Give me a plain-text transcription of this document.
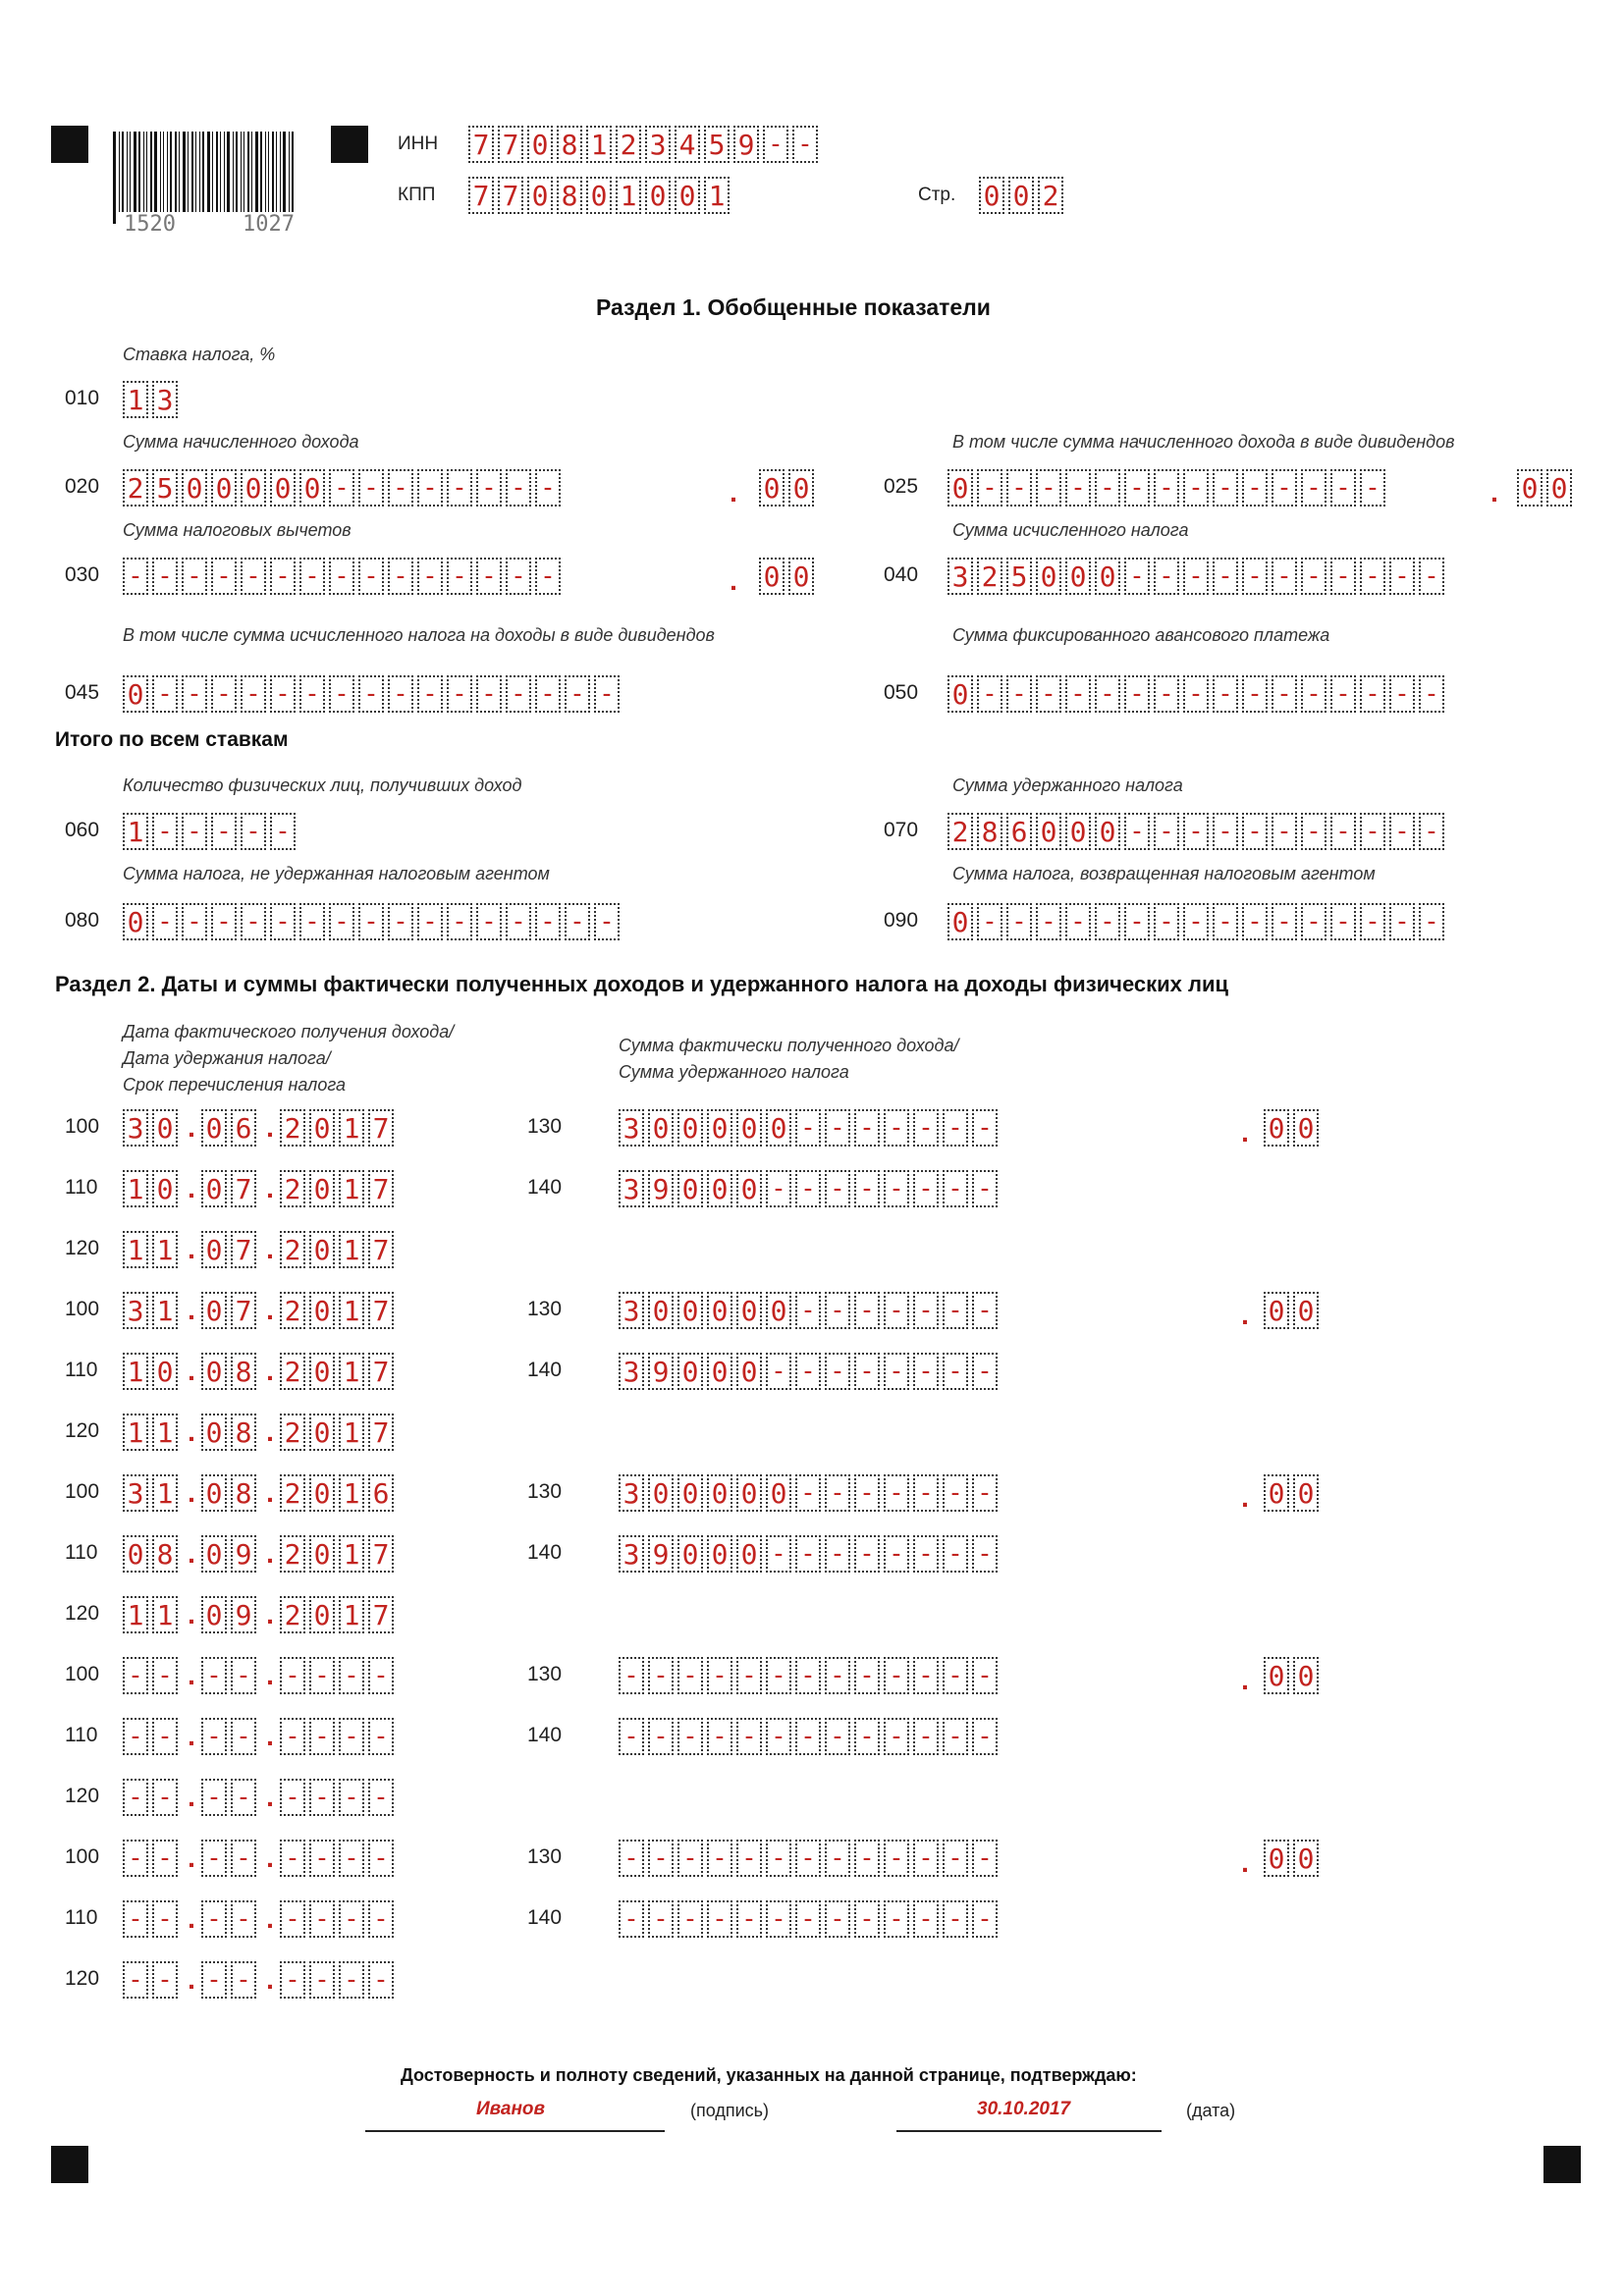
1520	1027
ИНН 7 7 0 8 1 2 3 4 5 9 - -
КПП 7 7 0 8 0 1 0 0 1	Стр. 0 0 2
Раздел 1. Обобщенные показатели
Ставка налога, %
010 1 3
Сумма начисленного дохода
020 2 5 0 0 0 0 0 - - - - - - - -	. 0 0
В том числе сумма начисленного дохода в виде дивидендов
025 0 - - - - - - - - - - - - - -	. 0 0
Сумма налоговых вычетов
030 - - - - - - - - - - - - - - -	. 0 0
Сумма исчисленного налога
040 3 2 5 0 0 0 - - - - - - - - - - -
В том числе сумма исчисленного налога на доходы в виде дивидендов
045 0 - - - - - - - - - - - - - - - -
Сумма фиксированного авансового платежа
050 0 - - - - - - - - - - - - - - - -
Итого по всем ставкам
Количество физических лиц, получивших доход
060 1 - - - - -
Сумма удержанного налога
070 2 8 6 0 0 0 - - - - - - - - - - -
Сумма налога, не удержанная налоговым агентом
080 0 - - - - - - - - - - - - - - - -
Сумма налога, возвращенная налоговым агентом
090 0 - - - - - - - - - - - - - - - -
Раздел 2. Даты и суммы фактически полученных доходов и удержанного налога на доходы физических лиц
Дата фактического получения дохода/
Дата удержания налога/
Срок перечисления налога
Сумма фактически полученного дохода/
Сумма удержанного налога
100 3 0 . 0 6 . 2 0 1 7	130 3 0 0 0 0 0 - - - - - - -	. 0 0
110 1 0 . 0 7 . 2 0 1 7	140 3 9 0 0 0 - - - - - - - -
120 1 1 . 0 7 . 2 0 1 7
100 3 1 . 0 7 . 2 0 1 7	130 3 0 0 0 0 0 - - - - - - -	. 0 0
110 1 0 . 0 8 . 2 0 1 7	140 3 9 0 0 0 - - - - - - - -
120 1 1 . 0 8 . 2 0 1 7
100 3 1 . 0 8 . 2 0 1 6	130 3 0 0 0 0 0 - - - - - - -	. 0 0
110 0 8 . 0 9 . 2 0 1 7	140 3 9 0 0 0 - - - - - - - -
120 1 1 . 0 9 . 2 0 1 7
100 - - . - - . - - - -	130 - - - - - - - - - - - - -	. 0 0
110 - - . - - . - - - -	140 - - - - - - - - - - - - -
120 - - . - - . - - - -
100 - - . - - . - - - -	130 - - - - - - - - - - - - -	. 0 0
110 - - . - - . - - - -	140 - - - - - - - - - - - - -
120 - - . - - . - - - -
Достоверность и полноту сведений, указанных на данной странице, подтверждаю:
Иванов	(подпись)	30.10.2017	(дата)
